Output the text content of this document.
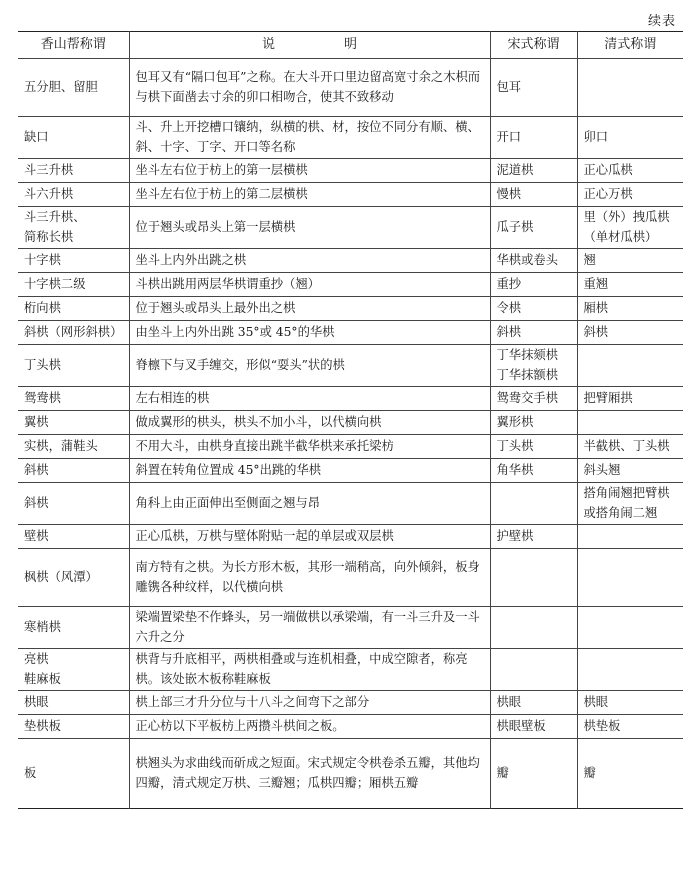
续表
香山帮称谓	说　明	宋式称谓	清式称谓
五分胆、留胆	包耳又有“隔口包耳”之称。在大斗开口里边留高宽寸余之木枳而与栱下面凿去寸余的卯口相吻合，使其不致移动	包耳	
缺口	斗、升上开挖槽口镶纳，纵横的栱、材，按位不同分有顺、横、斜、十字、丁字、开口等名称	开口	卯口
斗三升栱	坐斗左右位于枋上的第一层横栱	泥道栱	正心瓜栱
斗六升栱	坐斗左右位于枋上的第二层横栱	慢栱	正心万栱
斗三升栱、
简称长栱	位于翘头或昂头上第一层横栱	瓜子栱	里（外）拽瓜栱
（单材瓜栱）
十字栱	坐斗上内外出跳之栱	华栱或卷头	翘
十字栱二级	斗栱出跳用两层华栱谓重抄（翘）	重抄	重翘
桁向栱	位于翘头或昂头上最外出之栱	令栱	厢栱
斜栱（网形斜栱）	由坐斗上内外出跳 35°或 45°的华栱	斜栱	斜栱
丁头栱	脊檩下与叉手缠交，形似“耍头”状的栱	丁华抹颏栱
丁华抹额栱	
鸳鸯栱	左右相连的栱	鸳鸯交手栱	把臂厢拱
翼栱	做成翼形的栱头，栱头不加小斗，以代横向栱	翼形栱	
实栱，蒲鞋头	不用大斗，由栱身直接出跳半截华栱来承托梁枋	丁头栱	半截栱、丁头栱
斜栱	斜置在转角位置成 45°出跳的华栱	角华栱	斜头翘
斜栱	角科上由正面伸出至侧面之翘与昂		搭角闹翘把臂栱
或搭角闹二翘
壁栱	正心瓜栱，万栱与壁体附贴一起的单层或双层栱	护壁栱	
枫栱（风潭）	南方特有之栱。为长方形木板，其形一端稍高，向外倾斜，板身雕镌各种纹样，以代横向栱		
寒梢栱	梁端置梁垫不作蜂头，另一端做栱以承梁端，有一斗三升及一斗六升之分		
亮栱
鞋麻板	栱背与升底相平，两栱相叠或与连机相叠，中成空隙者，称亮栱。该处嵌木板称鞋麻板		
栱眼	栱上部三才升分位与十八斗之间弯下之部分	栱眼	栱眼
垫栱板	正心枋以下平板枋上两攒斗栱间之板。	栱眼壁板	栱垫板
板	栱翘头为求曲线而斫成之短面。宋式规定令栱卷杀五瓣，其他均四瓣，清式规定万栱、三瓣翘；瓜栱四瓣；厢栱五瓣	瓣	瓣
